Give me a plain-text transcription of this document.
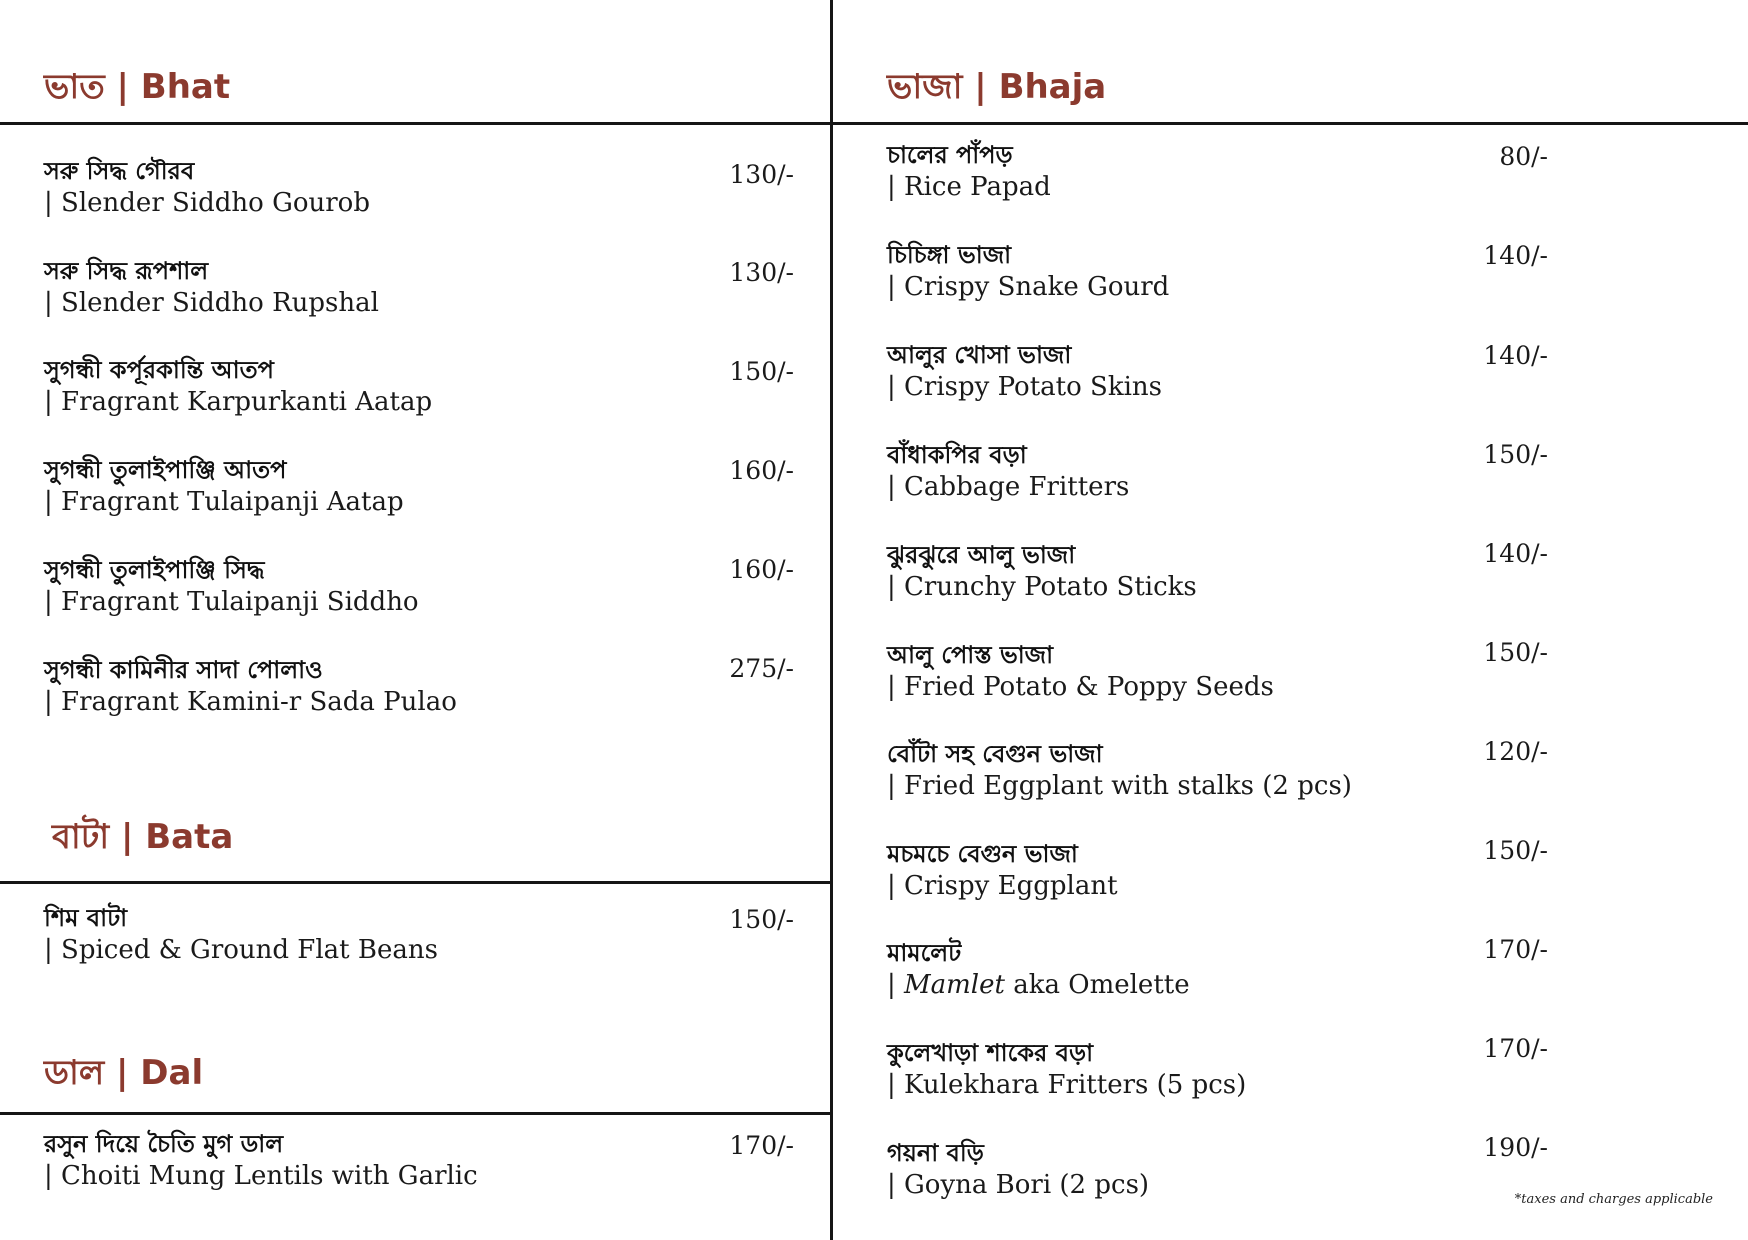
ভাত | Bhat
সরু সিদ্ধ গৌরব
| Slender Siddho Gourob
130/-
সরু সিদ্ধ রূপশাল
| Slender Siddho Rupshal
130/-
সুগন্ধী কর্পূরকান্তি আতপ
| Fragrant Karpurkanti Aatap
150/-
সুগন্ধী তুলাইপাঞ্জি আতপ
| Fragrant Tulaipanji Aatap
160/-
সুগন্ধী তুলাইপাঞ্জি সিদ্ধ
| Fragrant Tulaipanji Siddho
160/-
সুগন্ধী কামিনীর সাদা পোলাও
| Fragrant Kamini-r Sada Pulao
275/-
বাটা | Bata
শিম বাটা
| Spiced & Ground Flat Beans
150/-
ডাল | Dal
রসুন দিয়ে চৈতি মুগ ডাল
| Choiti Mung Lentils with Garlic
170/-
ভাজা | Bhaja
চালের পাঁপড়
| Rice Papad
80/-
চিচিঙ্গা ভাজা
| Crispy Snake Gourd
140/-
আলুর খোসা ভাজা
| Crispy Potato Skins
140/-
বাঁধাকপির বড়া
| Cabbage Fritters
150/-
ঝুরঝুরে আলু ভাজা
| Crunchy Potato Sticks
140/-
আলু পোস্ত ভাজা
| Fried Potato & Poppy Seeds
150/-
বোঁটা সহ বেগুন ভাজা
| Fried Eggplant with stalks (2 pcs)
120/-
মচমচে বেগুন ভাজা
| Crispy Eggplant
150/-
মামলেট
| Mamlet aka Omelette
170/-
কুলেখাড়া শাকের বড়া
| Kulekhara Fritters (5 pcs)
170/-
গয়না বড়ি
| Goyna Bori (2 pcs)
190/-
*taxes and charges applicable
